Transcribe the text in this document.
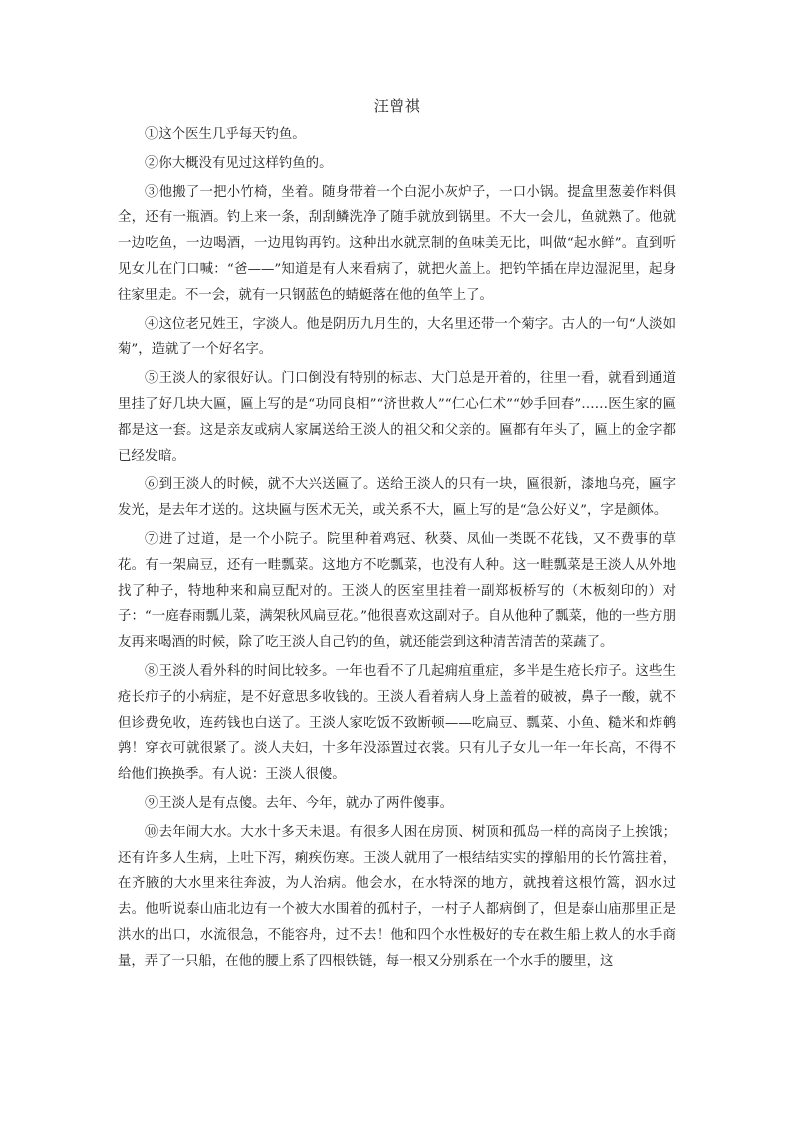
汪曾祺

①这个医生几乎每天钓鱼。

②你大概没有见过这样钓鱼的。

③他搬了一把小竹椅，坐着。随身带着一个白泥小灰炉子，一口小锅。提盒里葱姜作料俱全，还有一瓶酒。钓上来一条，刮刮鳞洗净了随手就放到锅里。不大一会儿，鱼就熟了。他就一边吃鱼，一边喝酒，一边甩钩再钓。这种出水就烹制的鱼味美无比，叫做“起水鲜”。直到听见女儿在门口喊：“爸——”知道是有人来看病了，就把火盖上。把钓竿插在岸边湿泥里，起身往家里走。不一会，就有一只钢蓝色的蜻蜓落在他的鱼竿上了。

④这位老兄姓王，字淡人。他是阴历九月生的，大名里还带一个菊字。古人的一句“人淡如菊”，造就了一个好名字。

⑤王淡人的家很好认。门口倒没有特别的标志、大门总是开着的，往里一看，就看到通道里挂了好几块大匾，匾上写的是“功同良相”“济世救人”“仁心仁术”“妙手回春”……医生家的匾都是这一套。这是亲友或病人家属送给王淡人的祖父和父亲的。匾都有年头了，匾上的金字都已经发暗。

⑥到王淡人的时候，就不大兴送匾了。送给王淡人的只有一块，匾很新，漆地乌亮，匾字发光，是去年才送的。这块匾与医术无关，或关系不大，匾上写的是“急公好义”，字是颜体。

⑦进了过道，是一个小院子。院里种着鸡冠、秋葵、凤仙一类既不花钱，又不费事的草花。有一架扁豆，还有一畦瓢菜。这地方不吃瓢菜，也没有人种。这一畦瓢菜是王淡人从外地找了种子，特地种来和扁豆配对的。王淡人的医室里挂着一副郑板桥写的（木板刻印的）对子：“一庭春雨瓢儿菜，满架秋风扁豆花。”他很喜欢这副对子。自从他种了瓢菜，他的一些方朋友再来喝酒的时候，除了吃王淡人自己钓的鱼，就还能尝到这种清苦清苦的菜蔬了。

⑧王淡人看外科的时间比较多。一年也看不了几起痈疽重症，多半是生疮长疖子。这些生疮长疖子的小病症，是不好意思多收钱的。王淡人看着病人身上盖着的破被，鼻子一酸，就不但诊费免收，连药钱也白送了。王淡人家吃饭不致断顿——吃扁豆、瓢菜、小鱼、糙米和炸鹌鹑！穿衣可就很紧了。淡人夫妇，十多年没添置过衣裳。只有儿子女儿一年一年长高，不得不给他们换换季。有人说：王淡人很傻。

⑨王淡人是有点傻。去年、今年，就办了两件傻事。

⑩去年闹大水。大水十多天未退。有很多人困在房顶、树顶和孤岛一样的高岗子上挨饿；还有许多人生病，上吐下泻，痢疾伤寒。王淡人就用了一根结结实实的撑船用的长竹篙拄着，在齐腋的大水里来往奔波，为人治病。他会水，在水特深的地方，就拽着这根竹篙，泅水过去。他听说泰山庙北边有一个被大水围着的孤村子，一村子人都病倒了，但是泰山庙那里正是洪水的出口，水流很急，不能容舟，过不去！他和四个水性极好的专在救生船上救人的水手商量，弄了一只船，在他的腰上系了四根铁链，每一根又分别系在一个水手的腰里，这
